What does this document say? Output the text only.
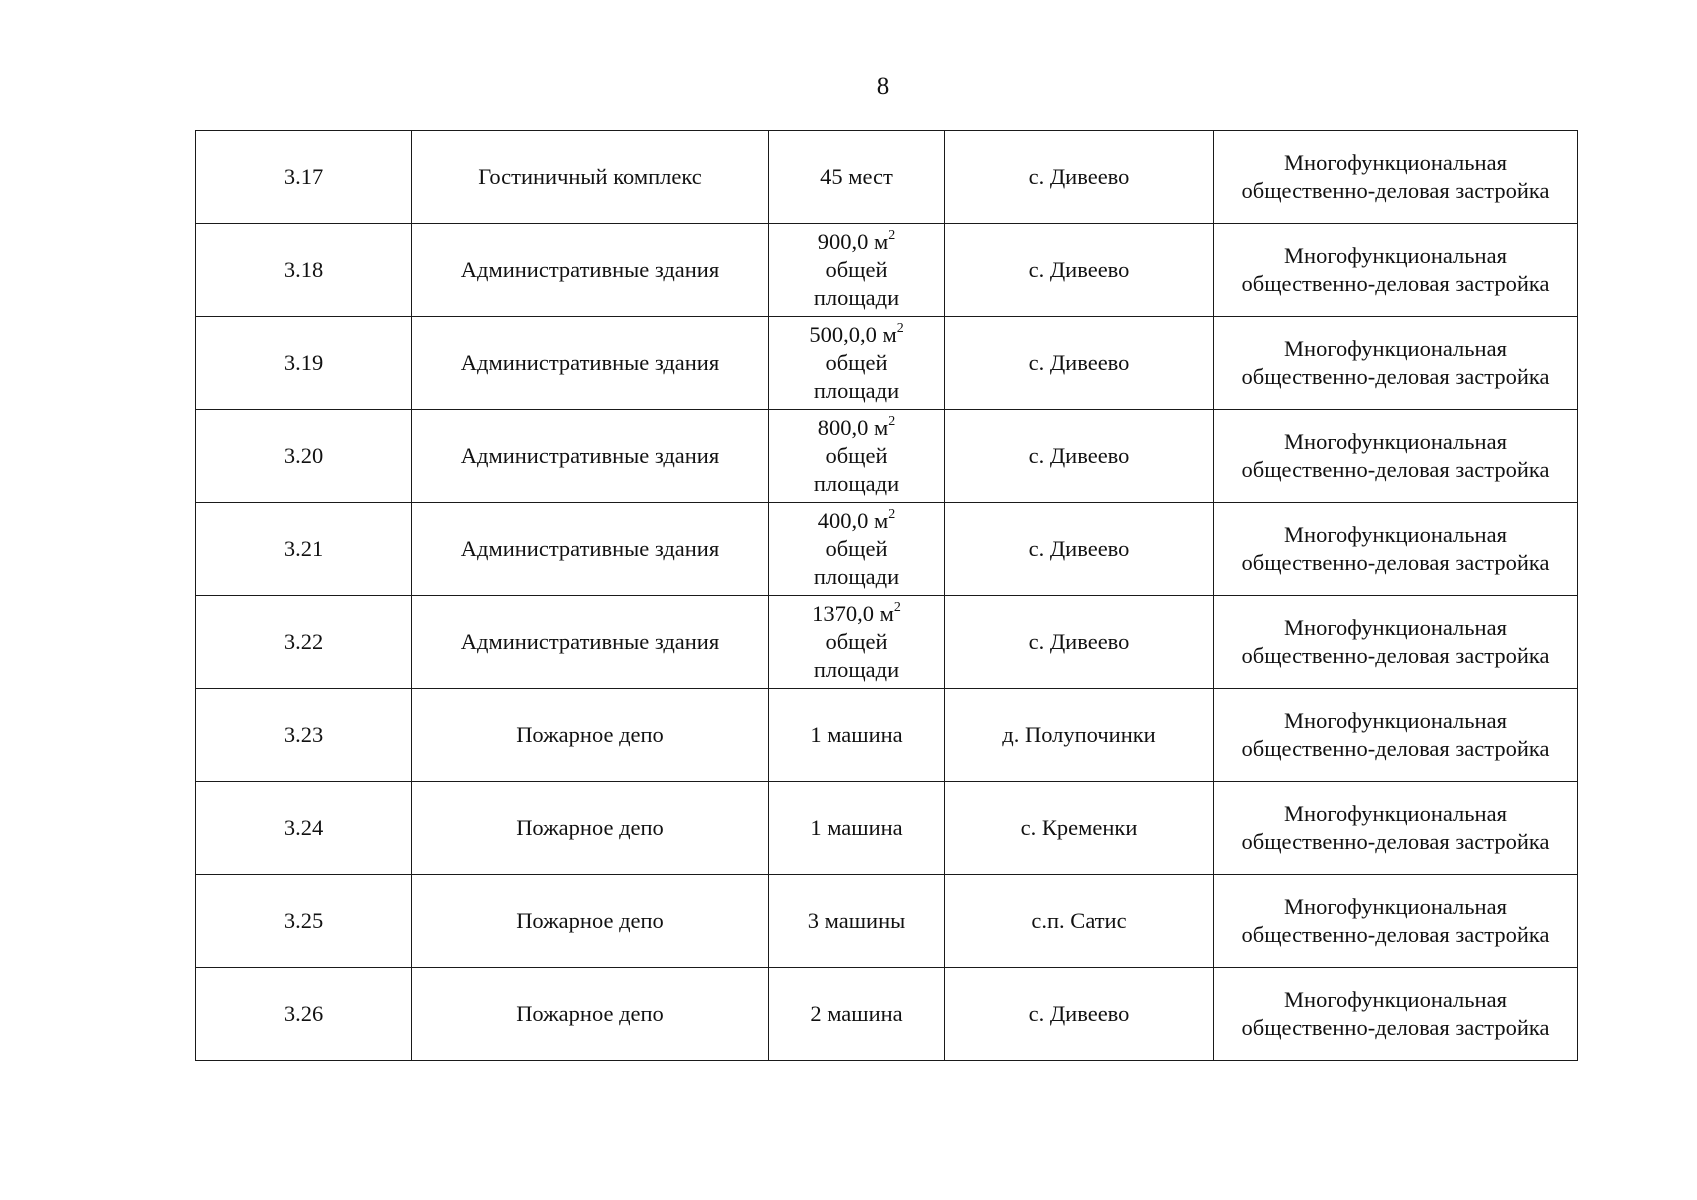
8
3.17	Гостиничный комплекс	45 мест	с. Дивеево	Многофункциональная
общественно-деловая застройка
3.18	Административные здания	900,0 $м^2$
общей
площади	с. Дивеево	Многофункциональная
общественно-деловая застройка
3.19	Административные здания	500,0,0 $м^2$
общей
площади	с. Дивеево	Многофункциональная
общественно-деловая застройка
3.20	Административные здания	800,0 $м^2$
общей
площади	с. Дивеево	Многофункциональная
общественно-деловая застройка
3.21	Административные здания	400,0 $м^2$
общей
площади	с. Дивеево	Многофункциональная
общественно-деловая застройка
3.22	Административные здания	1370,0 $м^2$
общей
площади	с. Дивеево	Многофункциональная
общественно-деловая застройка
3.23	Пожарное депо	1 машина	д. Полупочинки	Многофункциональная
общественно-деловая застройка
3.24	Пожарное депо	1 машина	с. Кременки	Многофункциональная
общественно-деловая застройка
3.25	Пожарное депо	3 машины	с.п. Сатис	Многофункциональная
общественно-деловая застройка
3.26	Пожарное депо	2 машина	с. Дивеево	Многофункциональная
общественно-деловая застройка
